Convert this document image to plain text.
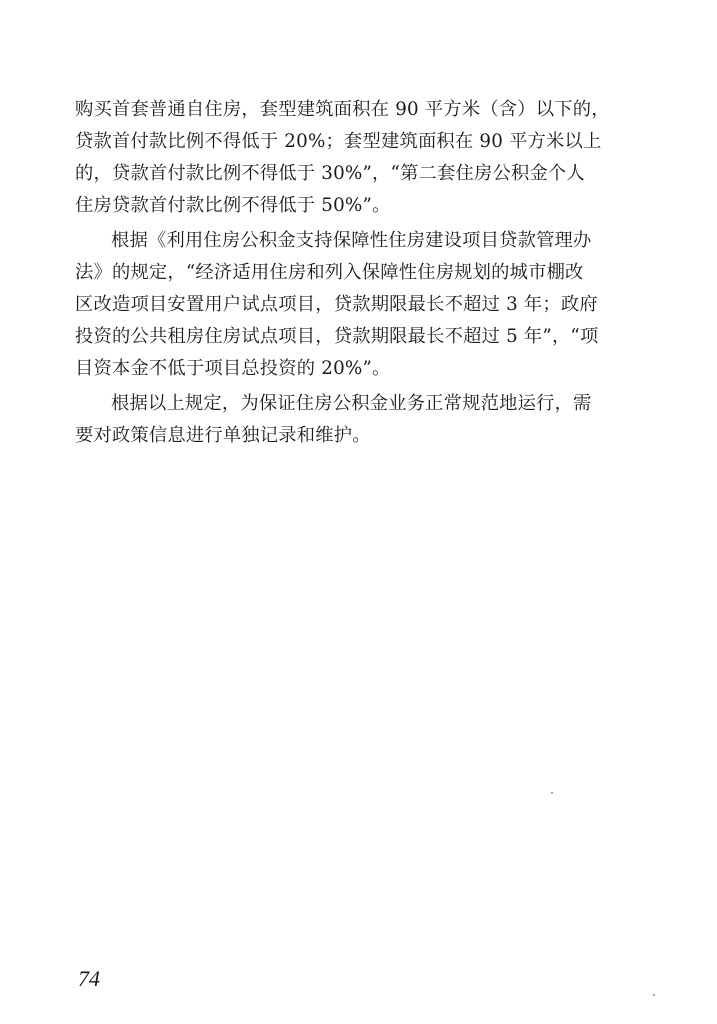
购买首套普通自住房，套型建筑面积在 90 平方米（含）以下的，
贷款首付款比例不得低于 20%；套型建筑面积在 90 平方米以上
的，贷款首付款比例不得低于 30%”，“第二套住房公积金个人
住房贷款首付款比例不得低于 50%”。
根据《利用住房公积金支持保障性住房建设项目贷款管理办
法》的规定，“经济适用住房和列入保障性住房规划的城市棚改
区改造项目安置用户试点项目，贷款期限最长不超过 3 年；政府
投资的公共租房住房试点项目，贷款期限最长不超过 5 年”，“项
目资本金不低于项目总投资的 20%”。
根据以上规定，为保证住房公积金业务正常规范地运行，需
要对政策信息进行单独记录和维护。
74
